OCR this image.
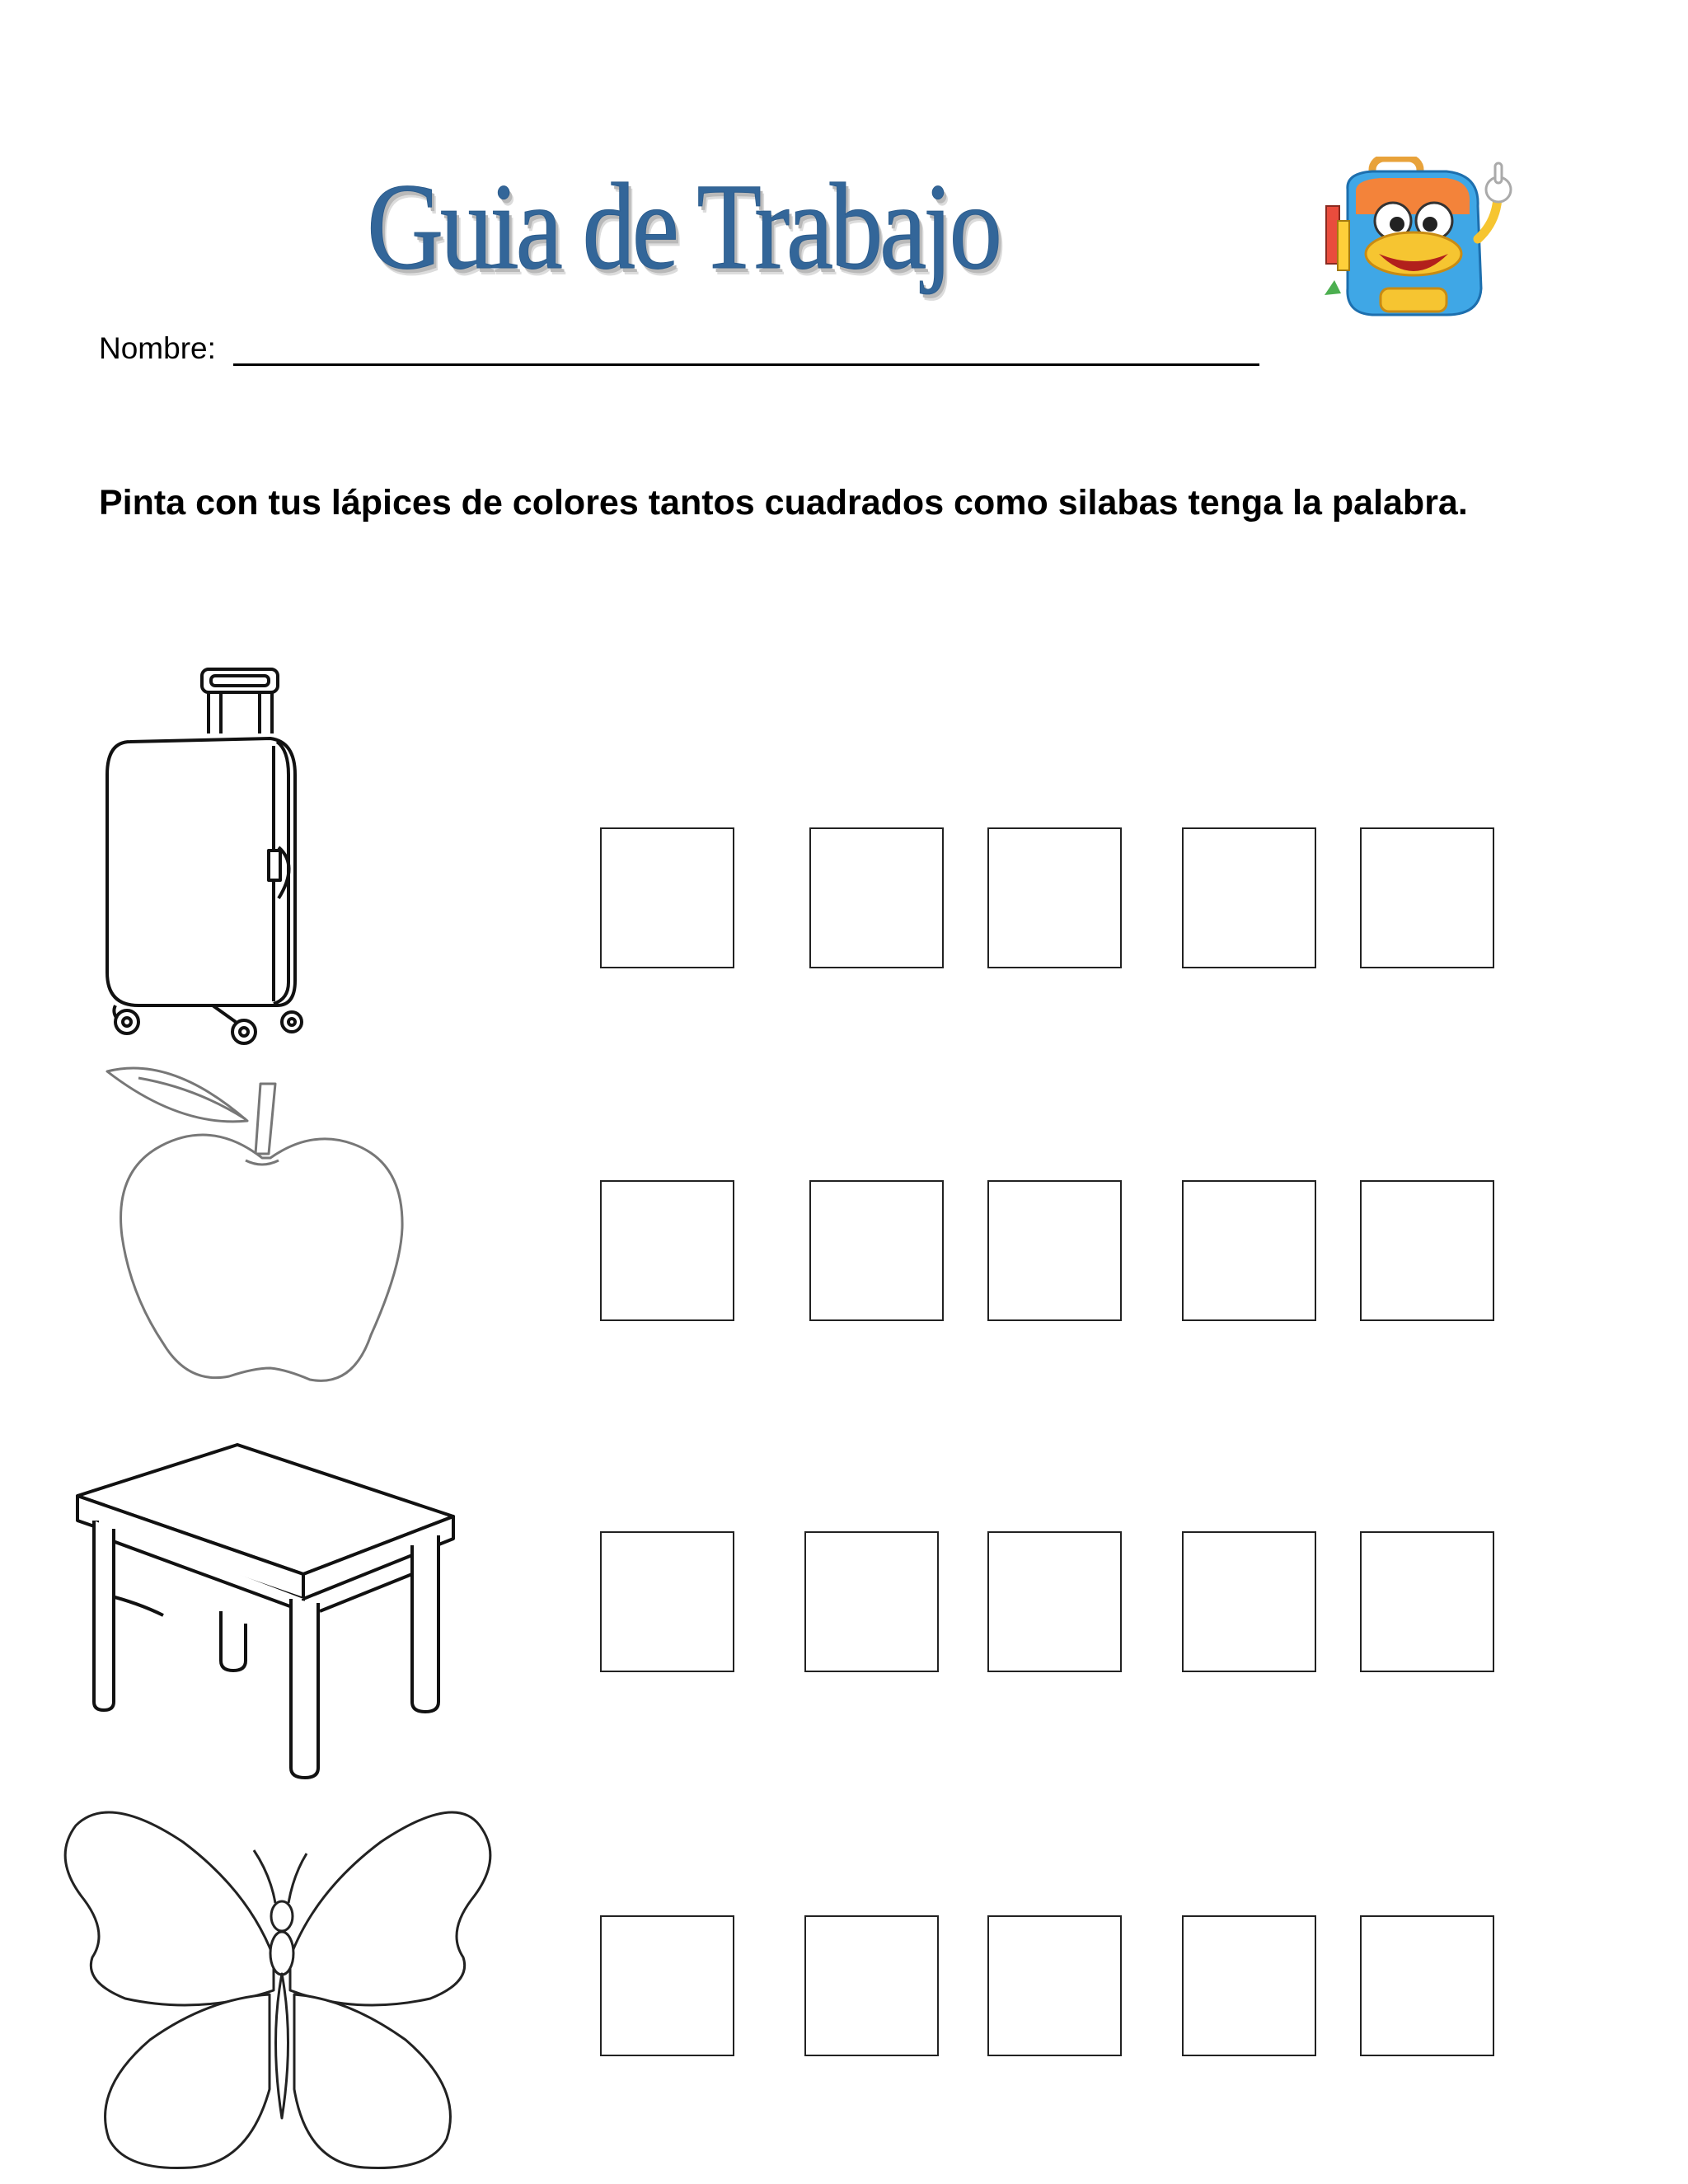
Guia de Trabajo
Nombre:
Pinta con tus lápices de colores tantos cuadrados como silabas tenga la palabra.
